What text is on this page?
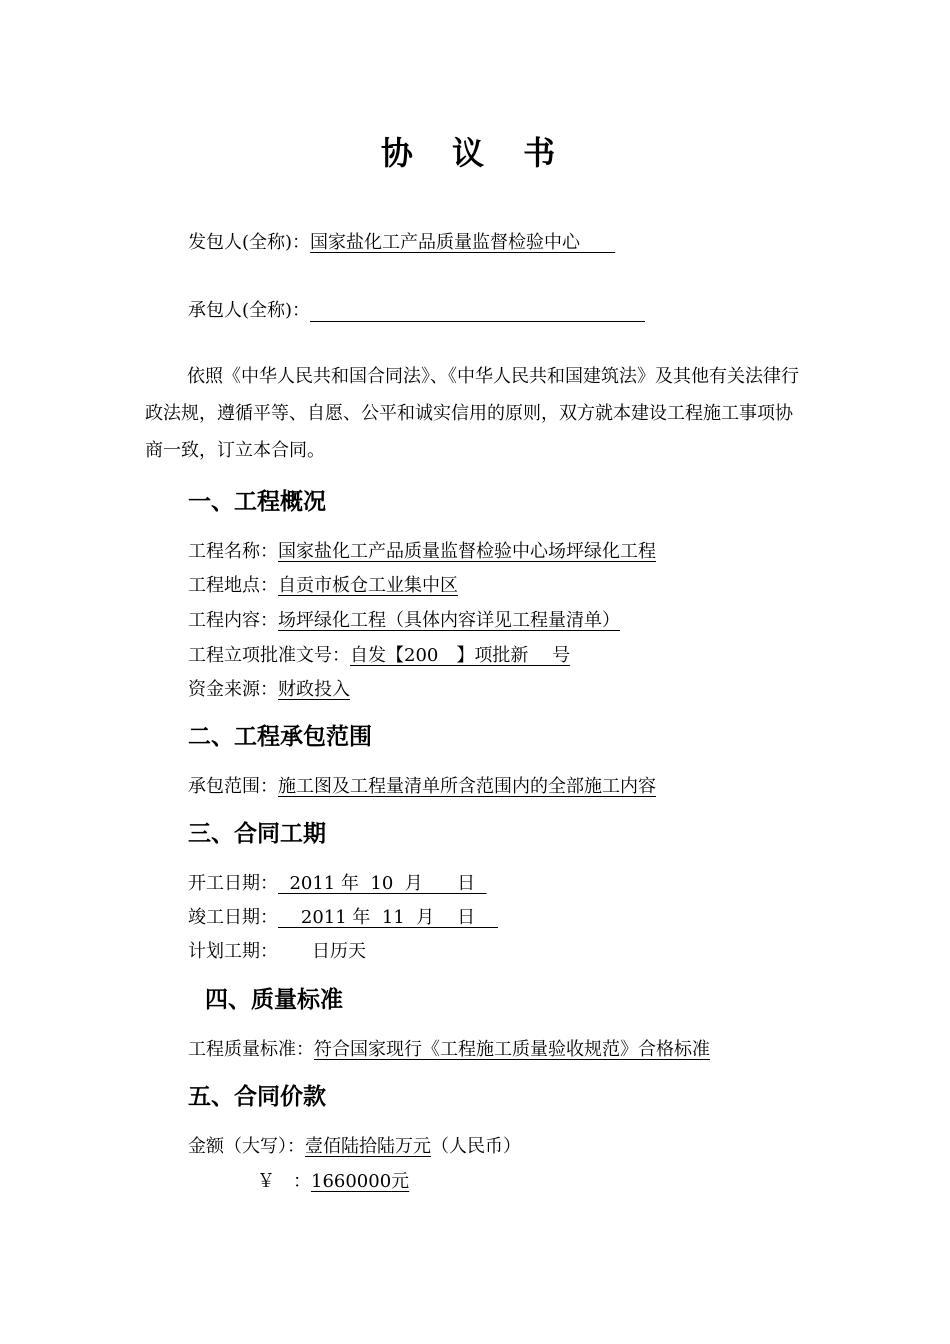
协 议 书
发包人(全称)：国家盐化工产品质量监督检验中心　
承包人(全称)：
依照《中华人民共和国合同法》、《中华人民共和国建筑法》及其他有关法律行政法规，遵循平等、自愿、公平和诚实信用的原则，双方就本建设工程施工事项协商一致，订立本合同。
一、工程概况
工程名称：国家盐化工产品质量监督检验中心场坪绿化工程
工程地点：自贡市板仓工业集中区
工程内容：场坪绿化工程（具体内容详见工程量清单）
工程立项批准文号：自发【200　】项批新　 号
资金来源：财政投入
二、工程承包范围
承包范围：施工图及工程量清单所含范围内的全部施工内容
三、合同工期
开工日期：  2011 年  10  月      日
竣工日期：    2011 年  11  月    日
计划工期： 日历天
四、质量标准
工程质量标准：符合国家现行《工程施工质量验收规范》合格标准
五、合同价款
金额（大写）：壹佰陆拾陆万元（人民币）
￥ ：1660000元
